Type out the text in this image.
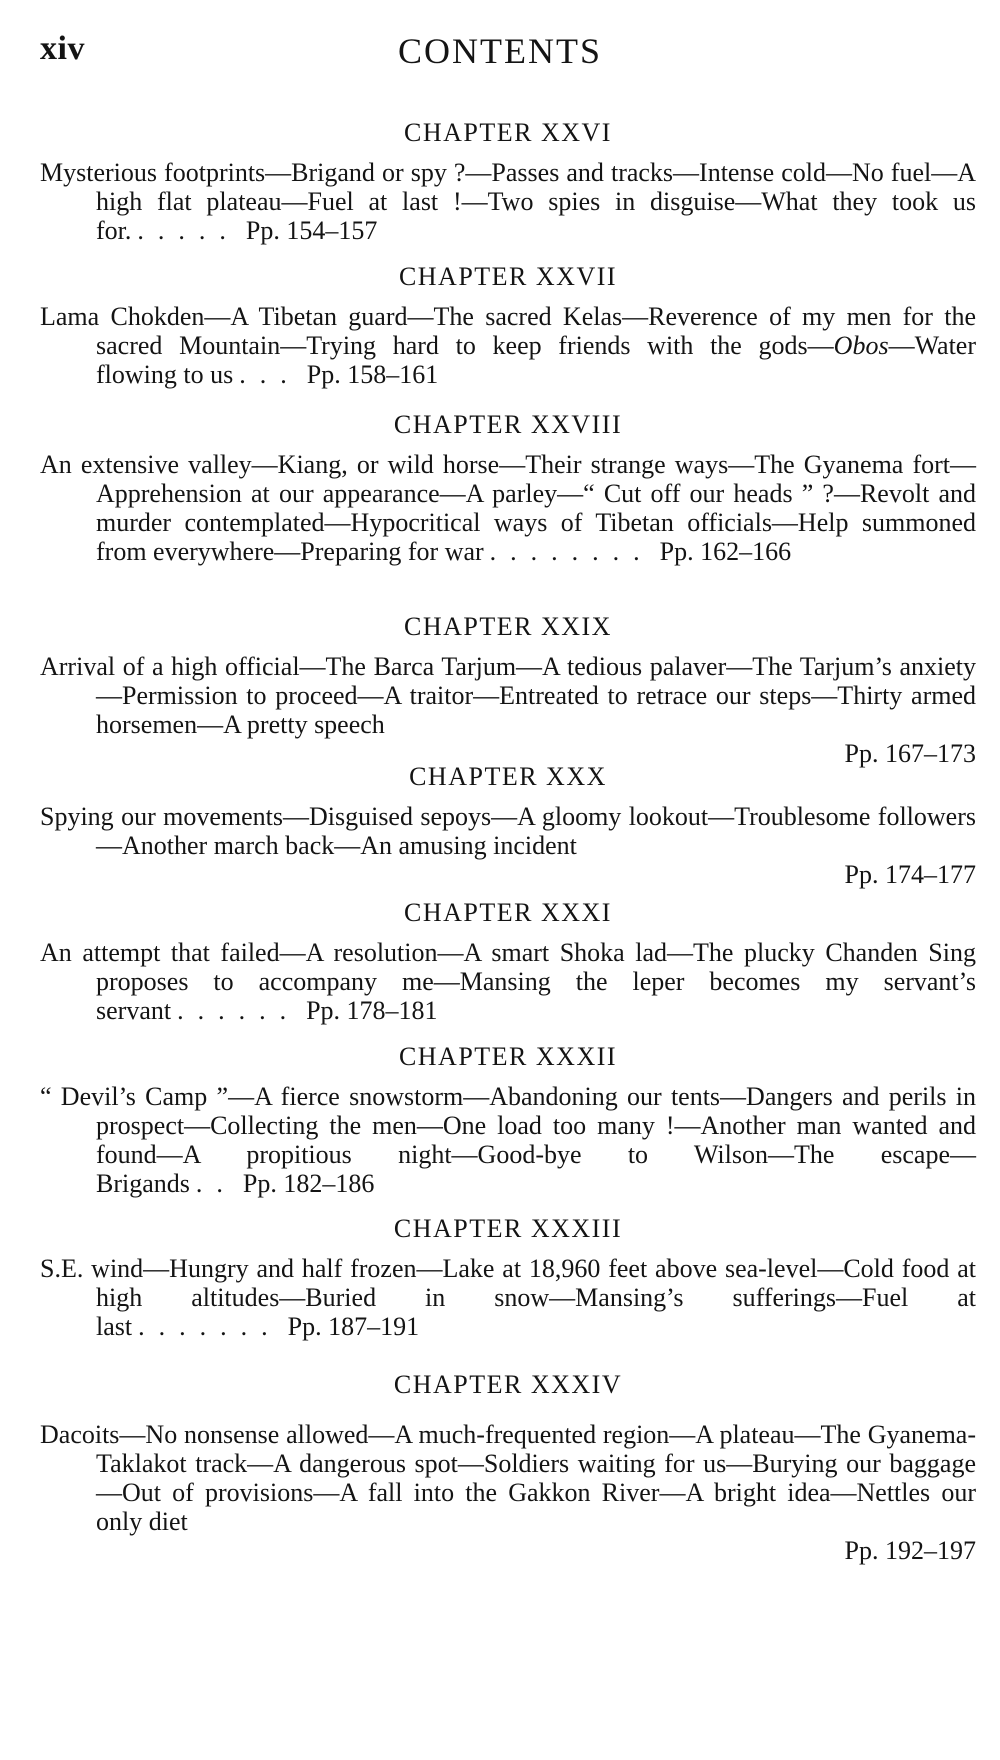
xiv	CONTENTS
CHAPTER XXVI

Mysterious footprints—Brigand or spy ?—Passes and tracks—Intense cold—No fuel—A high flat plateau—Fuel at last !—Two spies in disguise—What they took us for. ..... Pp. 154–157

CHAPTER XXVII

Lama Chokden—A Tibetan guard—The sacred Kelas—Reverence of my men for the sacred Mountain—Trying hard to keep friends with the gods—Obos—Water flowing to us ... Pp. 158–161

CHAPTER XXVIII

An extensive valley—Kiang, or wild horse—Their strange ways—The Gyanema fort—Apprehension at our appearance—A parley—“ Cut off our heads ” ?—Revolt and murder contemplated—Hypocritical ways of Tibetan officials—Help summoned from everywhere—Preparing for war ........ Pp. 162–166

CHAPTER XXIX

Arrival of a high official—The Barca Tarjum—A tedious palaver—The Tarjum’s anxiety—Permission to proceed—A traitor—Entreated to retrace our steps—Thirty armed horsemen—A pretty speech

Pp. 167–173
CHAPTER XXX

Spying our movements—Disguised sepoys—A gloomy lookout—Troublesome followers—Another march back—An amusing incident

Pp. 174–177
CHAPTER XXXI

An attempt that failed—A resolution—A smart Shoka lad—The plucky Chanden Sing proposes to accompany me—Mansing the leper becomes my servant’s servant ...... Pp. 178–181

CHAPTER XXXII

“ Devil’s Camp ”—A fierce snowstorm—Abandoning our tents—Dangers and perils in prospect—Collecting the men—One load too many !—Another man wanted and found—A propitious night—Good-bye to Wilson—The escape—Brigands .. Pp. 182–186

CHAPTER XXXIII

S.E. wind—Hungry and half frozen—Lake at 18,960 feet above sea-level—Cold food at high altitudes—Buried in snow—Mansing’s sufferings—Fuel at last ....... Pp. 187–191

CHAPTER XXXIV

Dacoits—No nonsense allowed—A much-frequented region—A plateau—The Gyanema-Taklakot track—A dangerous spot—Soldiers waiting for us—Burying our baggage—Out of provisions—A fall into the Gakkon River—A bright idea—Nettles our only diet

Pp. 192–197
